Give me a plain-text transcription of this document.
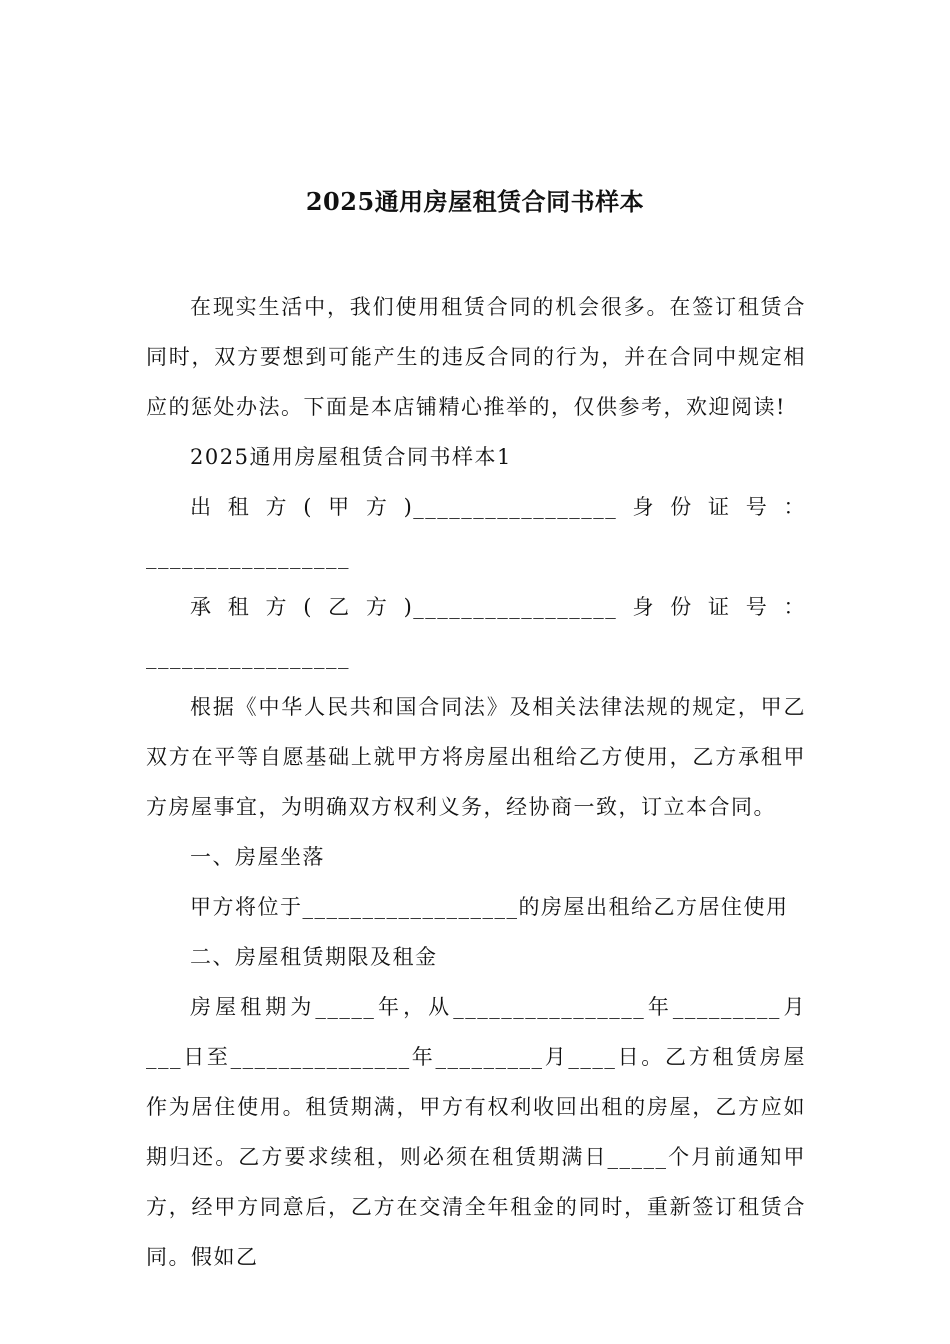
2025通用房屋租赁合同书样本

在现实生活中，我们使用租赁合同的机会很多。在签订租赁合同时，双方要想到可能产生的违反合同的行为，并在合同中规定相应的惩处办法。下面是本店铺精心推举的，仅供参考，欢迎阅读!

2025通用房屋租赁合同书样本1

出租方(甲方)_________________身份证号：_________________

承租方(乙方)_________________身份证号：_________________

根据《中华人民共和国合同法》及相关法律法规的规定，甲乙双方在平等自愿基础上就甲方将房屋出租给乙方使用，乙方承租甲方房屋事宜，为明确双方权利义务，经协商一致，订立本合同。

一、房屋坐落

甲方将位于__________________的房屋出租给乙方居住使用

二、房屋租赁期限及租金

房屋租期为_____年，从________________年_________月___日至_______________年_________月____日。乙方租赁房屋作为居住使用。租赁期满，甲方有权利收回出租的房屋，乙方应如期归还。乙方要求续租，则必须在租赁期满日_____个月前通知甲方，经甲方同意后，乙方在交清全年租金的同时，重新签订租赁合同。假如乙
